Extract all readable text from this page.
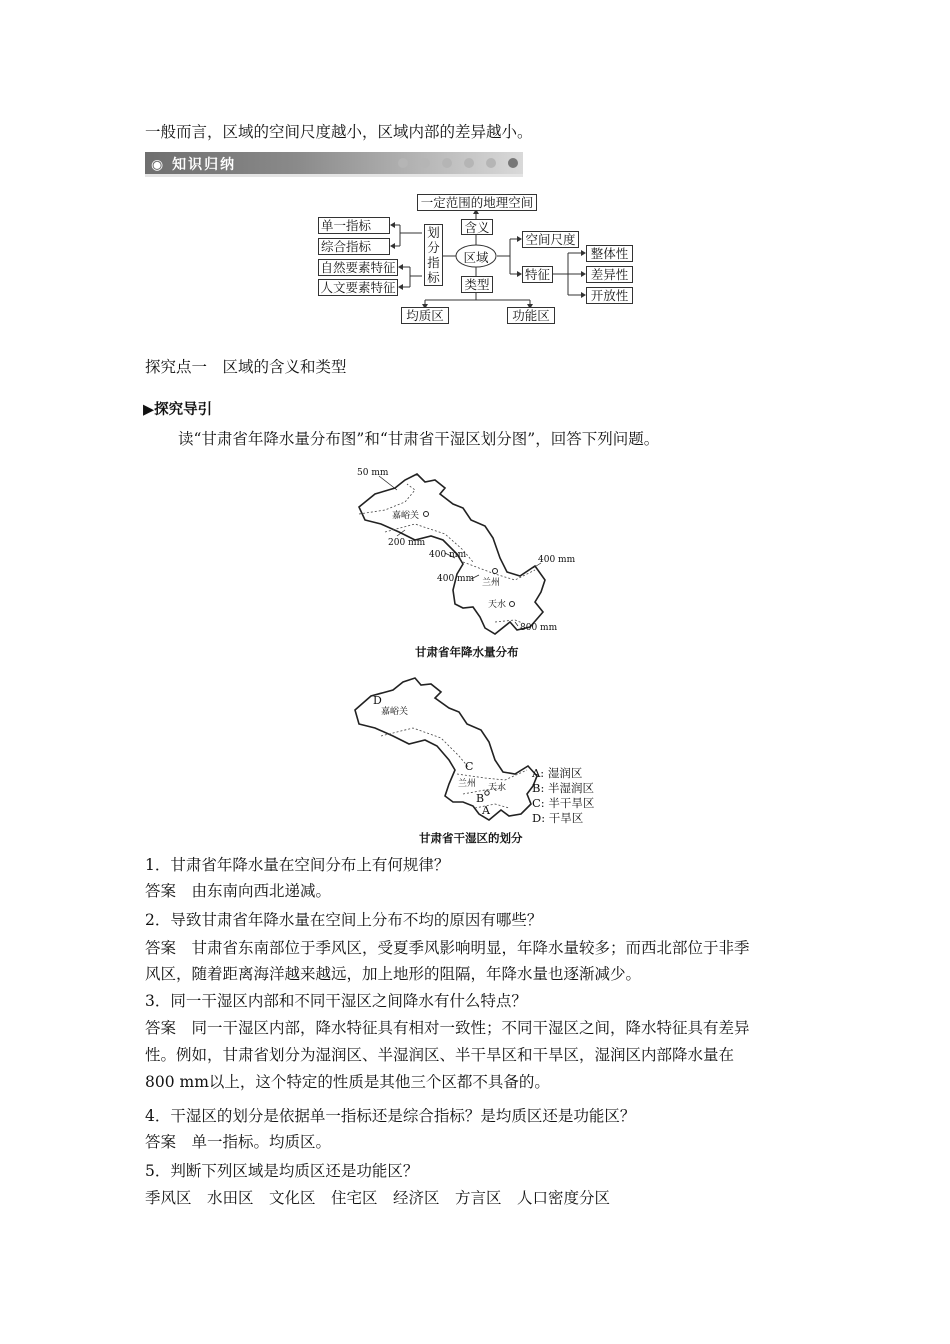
一般而言，区域的空间尺度越小，区域内部的差异越小。
◉ 知识归纳
一定范围的地理空间
含义
区域
划分指标 类型
空间尺度
特征
单一指标
综合指标
自然要素特征
人文要素特征
整体性
差异性
开放性
均质区	功能区
探究点一　区域的含义和类型
▶探究导引
读“甘肃省年降水量分布图”和“甘肃省干湿区划分图”，回答下列问题。
50 mm
200 mm
400 mm
400 mm
400 mm
800 mm
嘉峪关
兰州
天水
甘肃省年降水量分布
D
嘉峪关
C
兰州 天水
B
A
A: 湿润区
B: 半湿润区
C: 半干旱区
D: 干旱区
甘肃省干湿区的划分
1．甘肃省年降水量在空间分布上有何规律？
答案　由东南向西北递减。
2．导致甘肃省年降水量在空间上分布不均的原因有哪些？
答案　甘肃省东南部位于季风区，受夏季风影响明显，年降水量较多；而西北部位于非季
风区，随着距离海洋越来越远，加上地形的阻隔，年降水量也逐渐减少。
3．同一干湿区内部和不同干湿区之间降水有什么特点？
答案　同一干湿区内部，降水特征具有相对一致性；不同干湿区之间，降水特征具有差异
性。例如，甘肃省划分为湿润区、半湿润区、半干旱区和干旱区，湿润区内部降水量在
800 mm以上，这个特定的性质是其他三个区都不具备的。
4．干湿区的划分是依据单一指标还是综合指标？是均质区还是功能区？
答案　单一指标。均质区。
5．判断下列区域是均质区还是功能区？
季风区　水田区　文化区　住宅区　经济区　方言区　人口密度分区
